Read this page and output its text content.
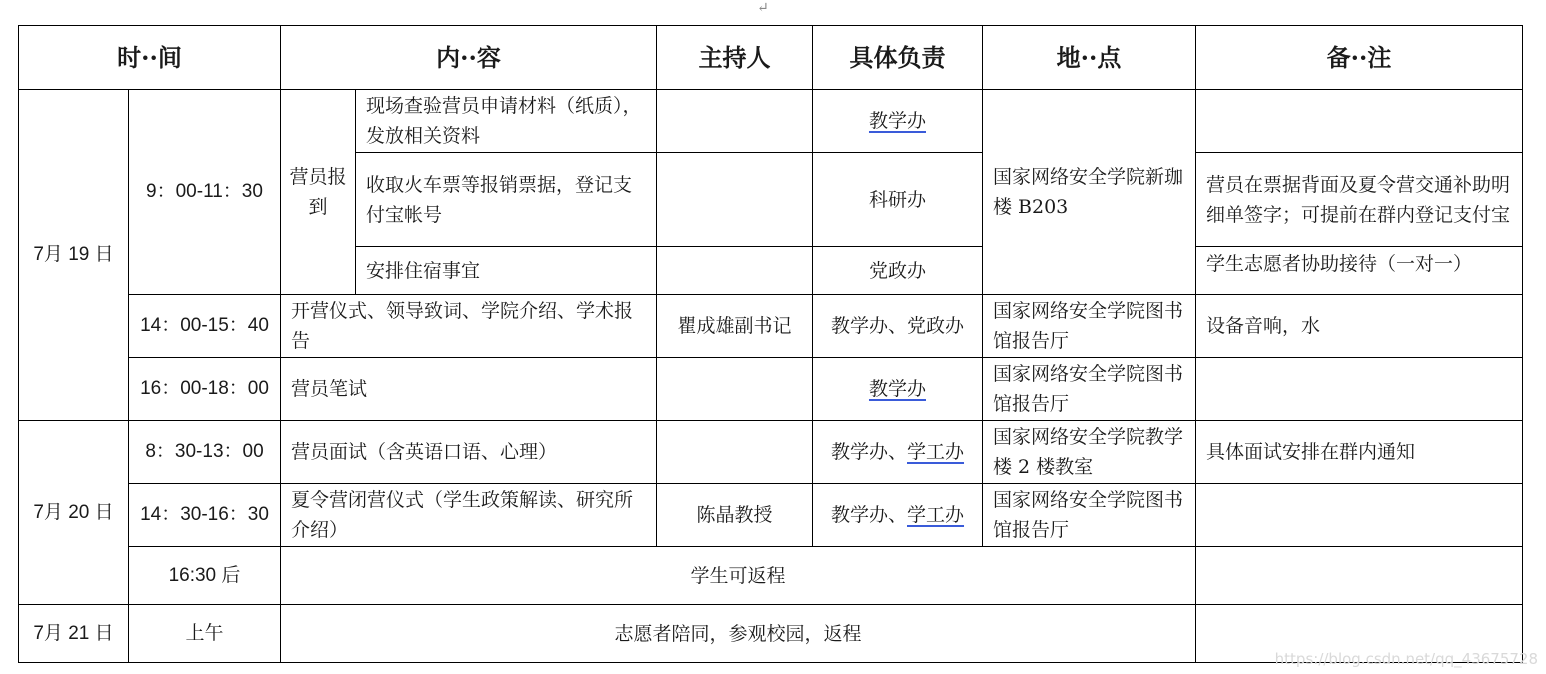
↵
时··间		内··容		主持人	具体负责	地··点	备··注
7月 19 日	9：00-11：30	营员报到	现场查验营员申请材料（纸质），发放相关资料		教学办	国家网络安全学院新珈楼 B203	
			收取火车票等报销票据，登记支付宝帐号		科研办		营员在票据背面及夏令营交通补助明细单签字；可提前在群内登记支付宝
			安排住宿事宜		党政办		学生志愿者协助接待（一对一）
	14：00-15：40	开营仪式、领导致词、学院介绍、学术报告		瞿成雄副书记	教学办、党政办	国家网络安全学院图书馆报告厅	设备音响，水
	16：00-18：00	营员笔试			教学办	国家网络安全学院图书馆报告厅	
7月 20 日	8：30-13：00	营员面试（含英语口语、心理）			教学办、学工办	国家网络安全学院教学楼 2 楼教室	具体面试安排在群内通知
	14：30-16：30	夏令营闭营仪式（学生政策解读、研究所介绍）		陈晶教授	教学办、学工办	国家网络安全学院图书馆报告厅	
	16:30 后	学生可返程					
7月 21 日	上午	志愿者陪同，参观校园，返程					
https://blog.csdn.net/qq_43675728
